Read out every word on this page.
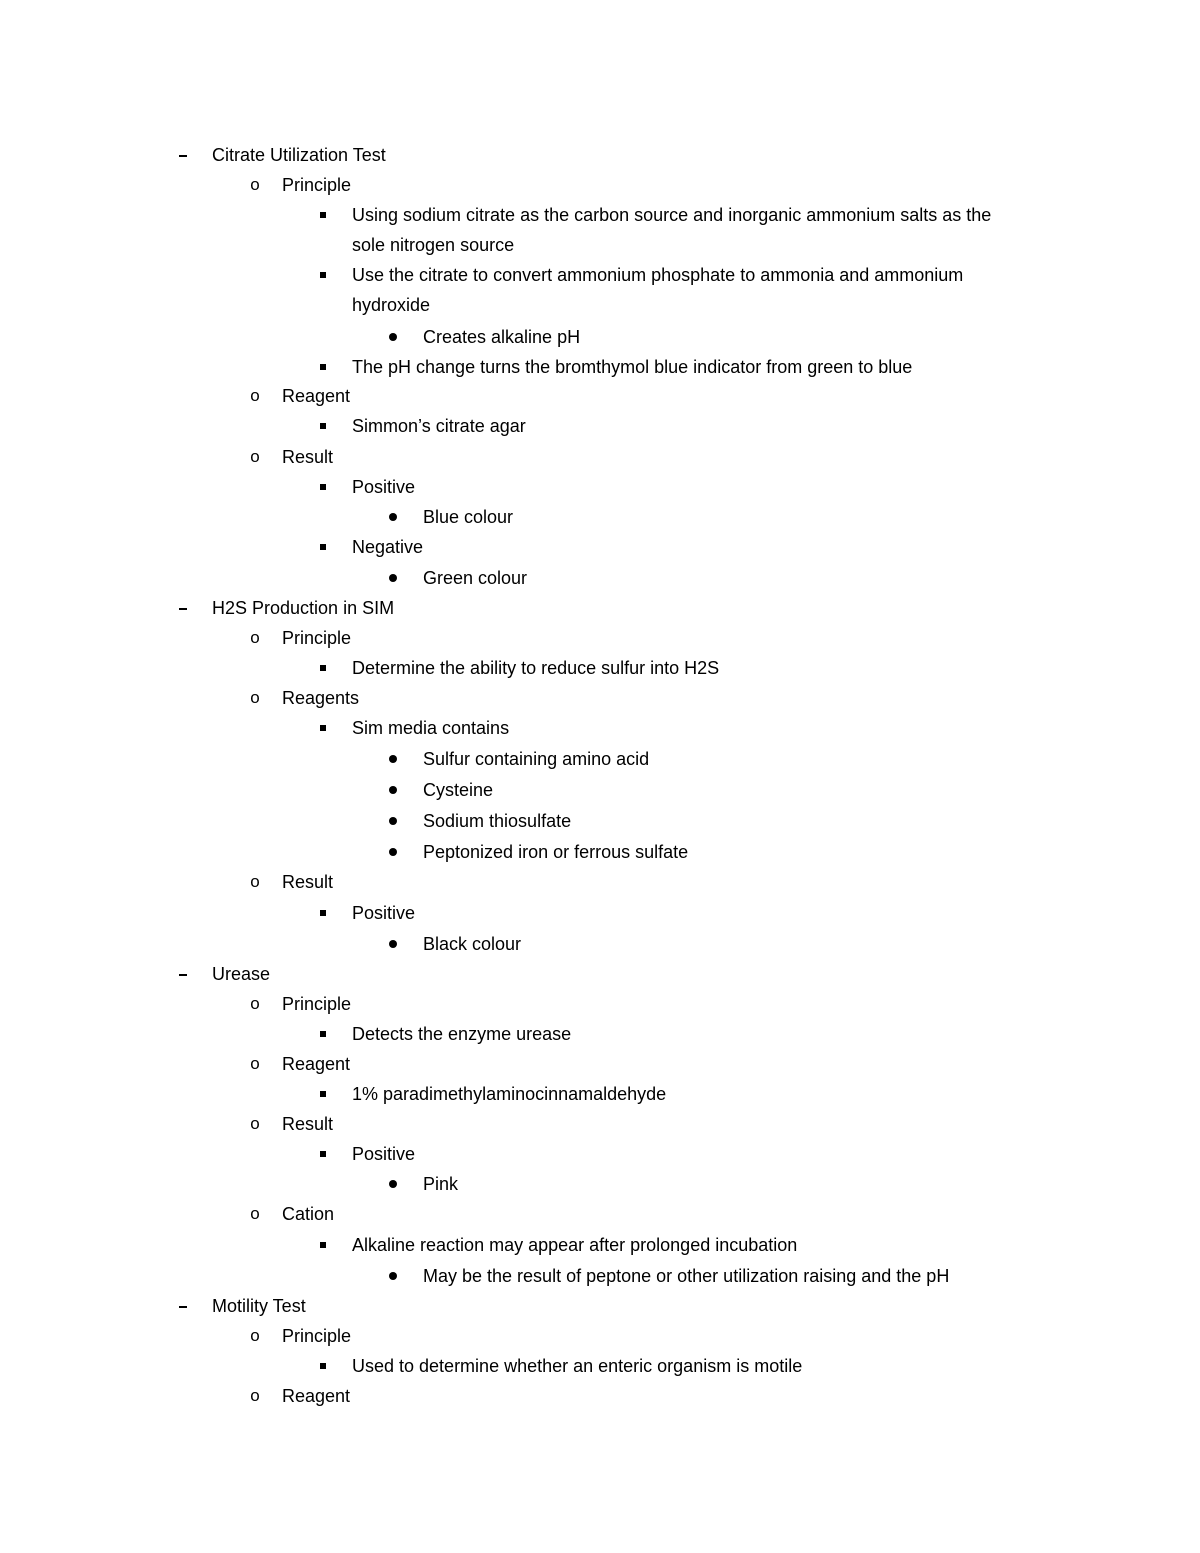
Citrate Utilization Test
o Principle
Using sodium citrate as the carbon source and inorganic ammonium salts as the
sole nitrogen source
Use the citrate to convert ammonium phosphate to ammonia and ammonium
hydroxide
Creates alkaline pH
The pH change turns the bromthymol blue indicator from green to blue
o Reagent
Simmon’s citrate agar
o Result
Positive
Blue colour
Negative
Green colour
H2S Production in SIM
o Principle
Determine the ability to reduce sulfur into H2S
o Reagents
Sim media contains
Sulfur containing amino acid
Cysteine
Sodium thiosulfate
Peptonized iron or ferrous sulfate
o Result
Positive
Black colour
Urease
o Principle
Detects the enzyme urease
o Reagent
1% paradimethylaminocinnamaldehyde
o Result
Positive
Pink
o Cation
Alkaline reaction may appear after prolonged incubation
May be the result of peptone or other utilization raising and the pH
Motility Test
o Principle
Used to determine whether an enteric organism is motile
o Reagent
